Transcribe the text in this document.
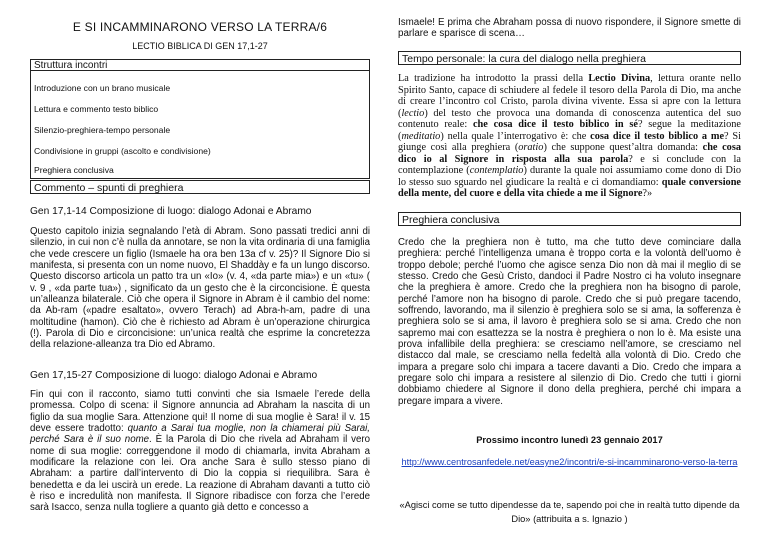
E SI INCAMMINARONO VERSO LA TERRA/6
LECTIO BIBLICA DI GEN 17,1-27
Struttura incontri
Introduzione con un brano musicale
Lettura e commento testo biblico
Silenzio-preghiera-tempo personale
Condivisione in gruppi (ascolto e condivisione)
Preghiera conclusiva
Commento – spunti di preghiera
Gen 17,1-14 Composizione di luogo: dialogo Adonai e Abramo
Questo capitolo inizia segnalando l’età di Abram. Sono passati tredici anni di silenzio, in cui non c’è nulla da annotare, se non la vita ordinaria di una famiglia che vede crescere un figlio (Ismaele ha ora ben 13a cf v. 25)? Il Signore Dio si manifesta, si presenta con un nome nuovo, El Shaddày e fa un lungo discorso. Questo discorso articola un patto tra un «Io» (v. 4, «da parte mia») e un «tu» ( v. 9 , «da parte tua») , significato da un gesto che è la circoncisione. È questa un’alleanza bilaterale. Ciò che opera il Signore in Abram è il cambio del nome: da Ab-ram («padre esaltato», ovvero Terach) ad Abra-h-am, padre di una moltitudine (hamon). Ciò che è richiesto ad Abram è un’operazione chirurgica (!). Parola di Dio e circoncisione: un’unica realtà che esprime la concretezza della relazione-alleanza tra Dio ed Abramo.
Gen 17,15-27 Composizione di luogo: dialogo Adonai e Abramo
Fin qui con il racconto, siamo tutti convinti che sia Ismaele l’erede della promessa. Colpo di scena: il Signore annuncia ad Abraham la nascita di un figlio da sua moglie Sara. Attenzione qui! Il nome di sua moglie è Sara! il v. 15 deve essere tradotto: quanto a Sarai tua moglie, non la chiamerai più Sarai, perché Sara è il suo nome. È la Parola di Dio che rivela ad Abraham il vero nome di sua moglie: correggendone il modo di chiamarla, invita Abraham a modificare la relazione con lei. Ora anche Sara è sullo stesso piano di Abraham: a partire dall’intervento di Dio la coppia si riequilibra. Sara è benedetta e da lei uscirà un erede. La reazione di Abraham davanti a tutto ciò è riso e incredulità non manifesta. Il Signore ribadisce con forza che l’erede sarà Isacco, senza nulla togliere a quanto già detto e concesso a
Ismaele! E prima che Abraham possa di nuovo rispondere, il Signore smette di parlare e sparisce di scena…
Tempo personale: la cura del dialogo nella preghiera
La tradizione ha introdotto la prassi della Lectio Divina, lettura orante nello Spirito Santo, capace di schiudere al fedele il tesoro della Parola di Dio, ma anche di creare l’incontro col Cristo, parola divina vivente. Essa si apre con la lettura (lectio) del testo che provoca una domanda di conoscenza autentica del suo contenuto reale: che cosa dice il testo biblico in sé? segue la meditazione (meditatio) nella quale l’interrogativo è: che cosa dice il testo biblico a me? Si giunge così alla preghiera (oratio) che suppone quest’altra domanda: che cosa dico io al Signore in risposta alla sua parola? e si conclude con la contemplazione (contemplatio) durante la quale noi assumiamo come dono di Dio lo stesso suo sguardo nel giudicare la realtà e ci domandiamo: quale conversione della mente, del cuore e della vita chiede a me il Signore?»
Preghiera conclusiva
Credo che la preghiera non è tutto, ma che tutto deve cominciare dalla preghiera: perché l’intelligenza umana è troppo corta e la volontà dell’uomo è troppo debole; perché l’uomo che agisce senza Dio non dà mai il meglio di se stesso. Credo che Gesù Cristo, dandoci il Padre Nostro ci ha voluto insegnare che la preghiera è amore. Credo che la preghiera non ha bisogno di parole, perché l’amore non ha bisogno di parole. Credo che si può pregare tacendo, soffrendo, lavorando, ma il silenzio è preghiera solo se si ama, la sofferenza è preghiera solo se si ama, il lavoro è preghiera solo se si ama. Credo che non sapremo mai con esattezza se la nostra è preghiera o non lo è. Ma esiste una prova infallibile della preghiera: se cresciamo nell’amore, se cresciamo nel distacco dal male, se cresciamo nella fedeltà alla volontà di Dio. Credo che impara a pregare solo chi impara a tacere davanti a Dio. Credo che impara a pregare solo chi impara a resistere al silenzio di Dio. Credo che tutti i giorni dobbiamo chiedere al Signore il dono della preghiera, perché chi impara a pregare impara a vivere.
Prossimo incontro lunedì 23 gennaio 2017
http://www.centrosanfedele.net/easyne2/incontri/e-si-incamminarono-verso-la-terra
«Agisci come se tutto dipendesse da te, sapendo poi che in realtà tutto dipende da Dio» (attribuita a s. Ignazio )
